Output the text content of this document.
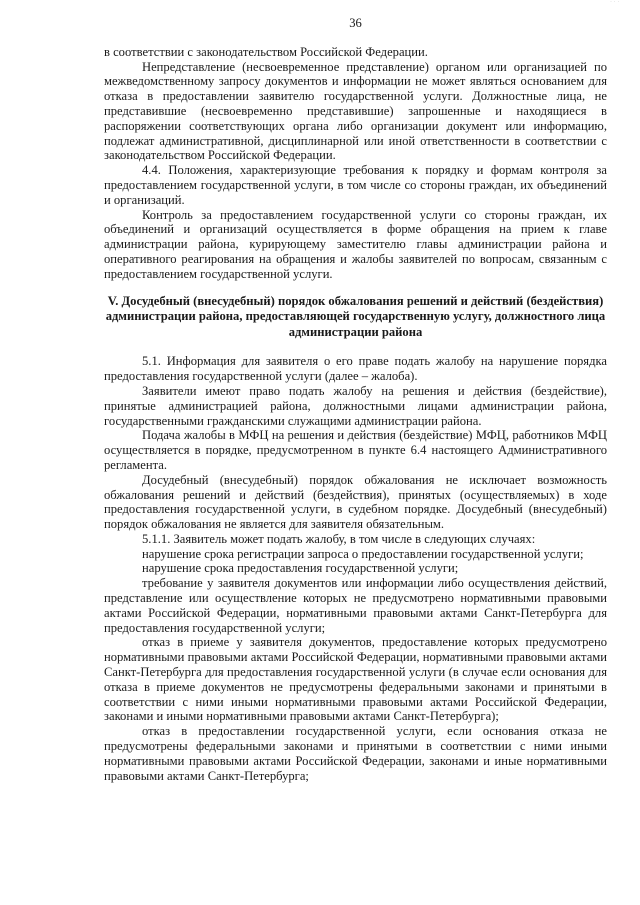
· · ·
36

в соответствии с законодательством Российской Федерации.

Непредставление (несвоевременное представление) органом или организацией по межведомственному запросу документов и информации не может являться основанием для отказа в предоставлении заявителю государственной услуги. Должностные лица, не представившие (несвоевременно представившие) запрошенные и находящиеся в распоряжении соответствующих органа либо организации документ или информацию, подлежат административной, дисциплинарной или иной ответственности в соответствии с законодательством Российской Федерации.

4.4. Положения, характеризующие требования к порядку и формам контроля за предоставлением государственной услуги, в том числе со стороны граждан, их объединений и организаций.

Контроль за предоставлением государственной услуги со стороны граждан, их объединений и организаций осуществляется в форме обращения на прием к главе администрации района, курирующему заместителю главы администрации района и оперативного реагирования на обращения и жалобы заявителей по вопросам, связанным с предоставлением государственной услуги.

V. Досудебный (внесудебный) порядок обжалования решений и действий (бездействия) администрации района, предоставляющей государственную услугу, должностного лица администрации района

5.1. Информация для заявителя о его праве подать жалобу на нарушение порядка предоставления государственной услуги (далее – жалоба).

Заявители имеют право подать жалобу на решения и действия (бездействие), принятые администрацией района, должностными лицами администрации района, государственными гражданскими служащими администрации района.

Подача жалобы в МФЦ на решения и действия (бездействие) МФЦ, работников МФЦ осуществляется в порядке, предусмотренном в пункте 6.4 настоящего Административного регламента.

Досудебный (внесудебный) порядок обжалования не исключает возможность обжалования решений и действий (бездействия), принятых (осуществляемых) в ходе предоставления государственной услуги, в судебном порядке. Досудебный (внесудебный) порядок обжалования не является для заявителя обязательным.

5.1.1. Заявитель может подать жалобу, в том числе в следующих случаях:

нарушение срока регистрации запроса о предоставлении государственной услуги;

нарушение срока предоставления государственной услуги;

требование у заявителя документов или информации либо осуществления действий, представление или осуществление которых не предусмотрено нормативными правовыми актами Российской Федерации, нормативными правовыми актами Санкт-Петербурга для предоставления государственной услуги;

отказ в приеме у заявителя документов, предоставление которых предусмотрено нормативными правовыми актами Российской Федерации, нормативными правовыми актами Санкт-Петербурга для предоставления государственной услуги (в случае если основания для отказа в приеме документов не предусмотрены федеральными законами и принятыми в соответствии с ними иными нормативными правовыми актами Российской Федерации, законами и иными нормативными правовыми актами Санкт-Петербурга);

отказ в предоставлении государственной услуги, если основания отказа не предусмотрены федеральными законами и принятыми в соответствии с ними иными нормативными правовыми актами Российской Федерации, законами и иные нормативными правовыми актами Санкт-Петербурга;
